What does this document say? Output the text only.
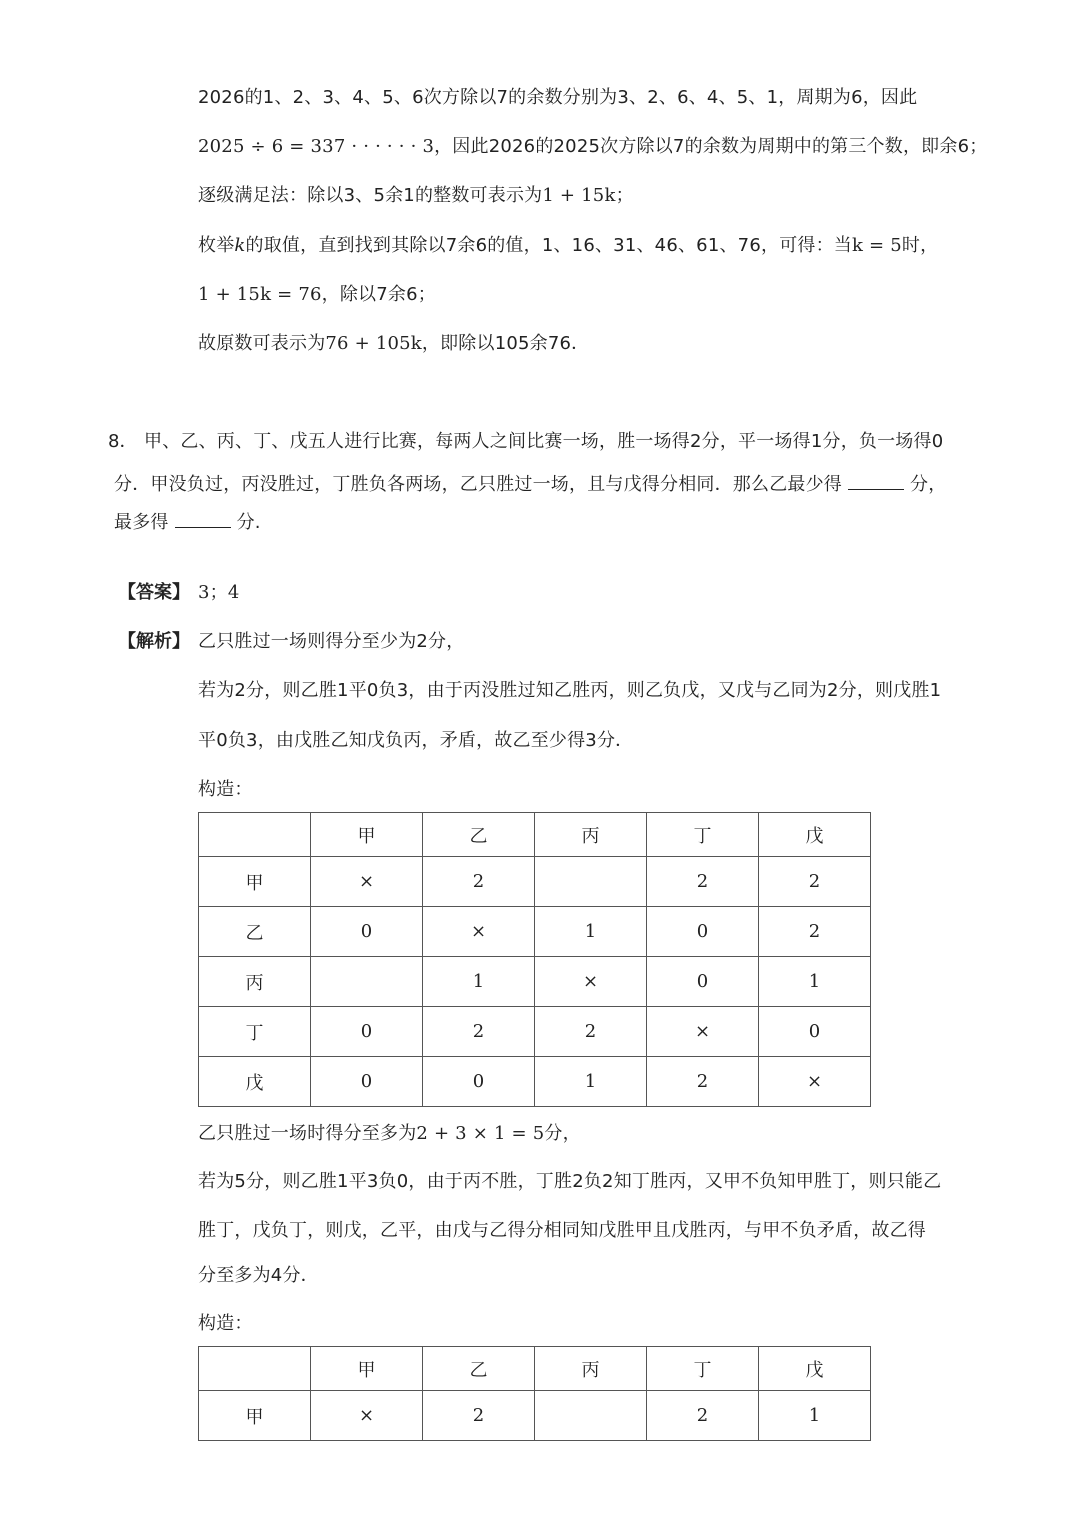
2026的1、2、3、4、5、6次方除以7的余数分别为3、2、6、4、5、1，周期为6，因此
2025 ÷ 6 = 337 · · · · · · 3，因此2026的2025次方除以7的余数为周期中的第三个数，即余6；
逐级满足法：除以3、5余1的整数可表示为1 + 15k；
枚举k的取值，直到找到其除以7余6的值，1、16、31、46、61、76，可得：当k = 5时，
1 + 15k = 76，除以7余6；
故原数可表示为76 + 105k，即除以105余76．
8． 甲、乙、丙、丁、戊五人进行比赛，每两人之间比赛一场，胜一场得2分，平一场得1分，负一场得0
分．甲没负过，丙没胜过，丁胜负各两场，乙只胜过一场，且与戊得分相同．那么乙最少得	分，
最多得	分.
【答案】 3；4
【解析】 乙只胜过一场则得分至少为2分，
若为2分，则乙胜1平0负3，由于丙没胜过知乙胜丙，则乙负戊，又戊与乙同为2分，则戊胜1
平0负3，由戊胜乙知戊负丙，矛盾，故乙至少得3分．
构造：
	甲	乙	丙	丁	戊
甲	×	2		2	2
乙	0	×	1	0	2
丙		1	×	0	1
丁	0	2	2	×	0
戊	0	0	1	2	×
乙只胜过一场时得分至多为2 + 3 × 1 = 5分，
若为5分，则乙胜1平3负0，由于丙不胜，丁胜2负2知丁胜丙，又甲不负知甲胜丁，则只能乙
胜丁，戊负丁，则戊，乙平，由戊与乙得分相同知戊胜甲且戊胜丙，与甲不负矛盾，故乙得
分至多为4分．
构造：
	甲	乙	丙	丁	戊
甲	×	2		2	1
